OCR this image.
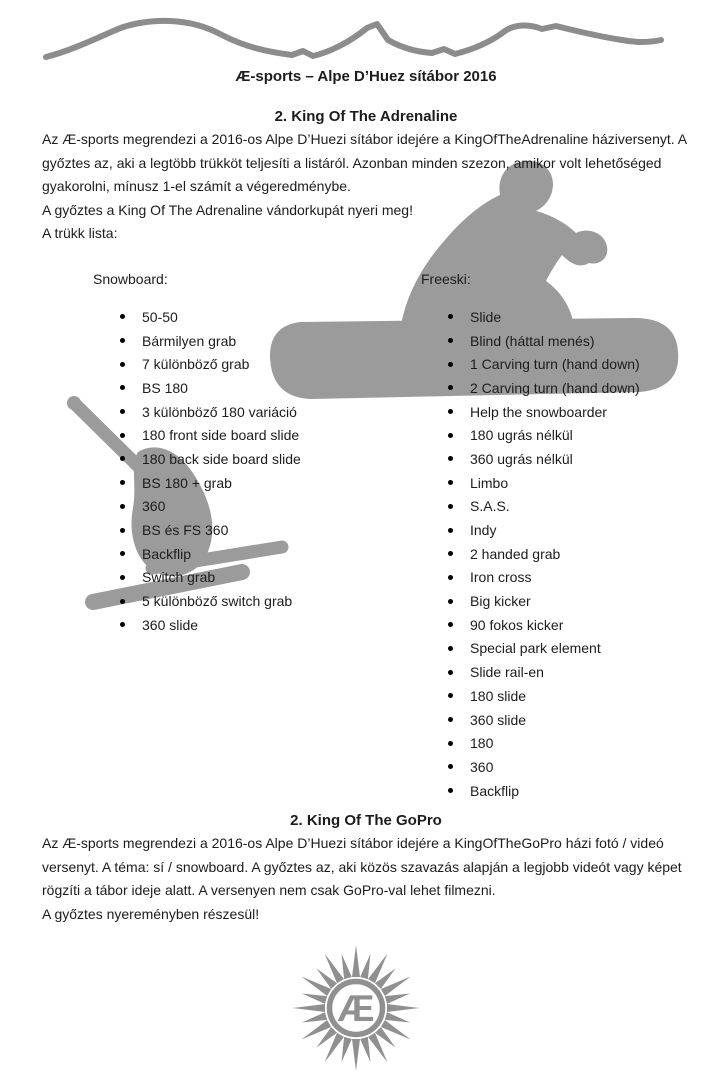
Æ
Æ-sports – Alpe D’Huez sítábor 2016
2. King Of The Adrenaline

Az Æ-sports megrendezi a 2016-os Alpe D’Huezi sítábor idejére a KingOfTheAdrenaline háziversenyt. A győztes az, aki a legtöbb trükköt teljesíti a listáról. Azonban minden szezon, amikor volt lehetőséged gyakorolni, mínusz 1-el számít a végeredménybe.

A győztes a King Of The Adrenaline vándorkupát nyeri meg!

A trükk lista:

Snowboard:
50-50
Bármilyen grab
7 különböző grab
BS 180
3 különböző 180 variáció
180 front side board slide
180 back side board slide
BS 180 + grab
360
BS és FS 360
Backflip
Switch grab
5 különböző switch grab
360 slide
Freeski:
Slide
Blind (háttal menés)
1 Carving turn (hand down)
2 Carving turn (hand down)
Help the snowboarder
180 ugrás nélkül
360 ugrás nélkül
Limbo
S.A.S.
Indy
2 handed grab
Iron cross
Big kicker
90 fokos kicker
Special park element
Slide rail-en
180 slide
360 slide
180
360
Backflip
2. King Of The GoPro

Az Æ-sports megrendezi a 2016-os Alpe D’Huezi sítábor idejére a KingOfTheGoPro házi fotó / videó versenyt. A téma: sí / snowboard. A győztes az, aki közös szavazás alapján a legjobb videót vagy képet rögzíti a tábor ideje alatt. A versenyen nem csak GoPro-val lehet filmezni.

A győztes nyereményben részesül!
